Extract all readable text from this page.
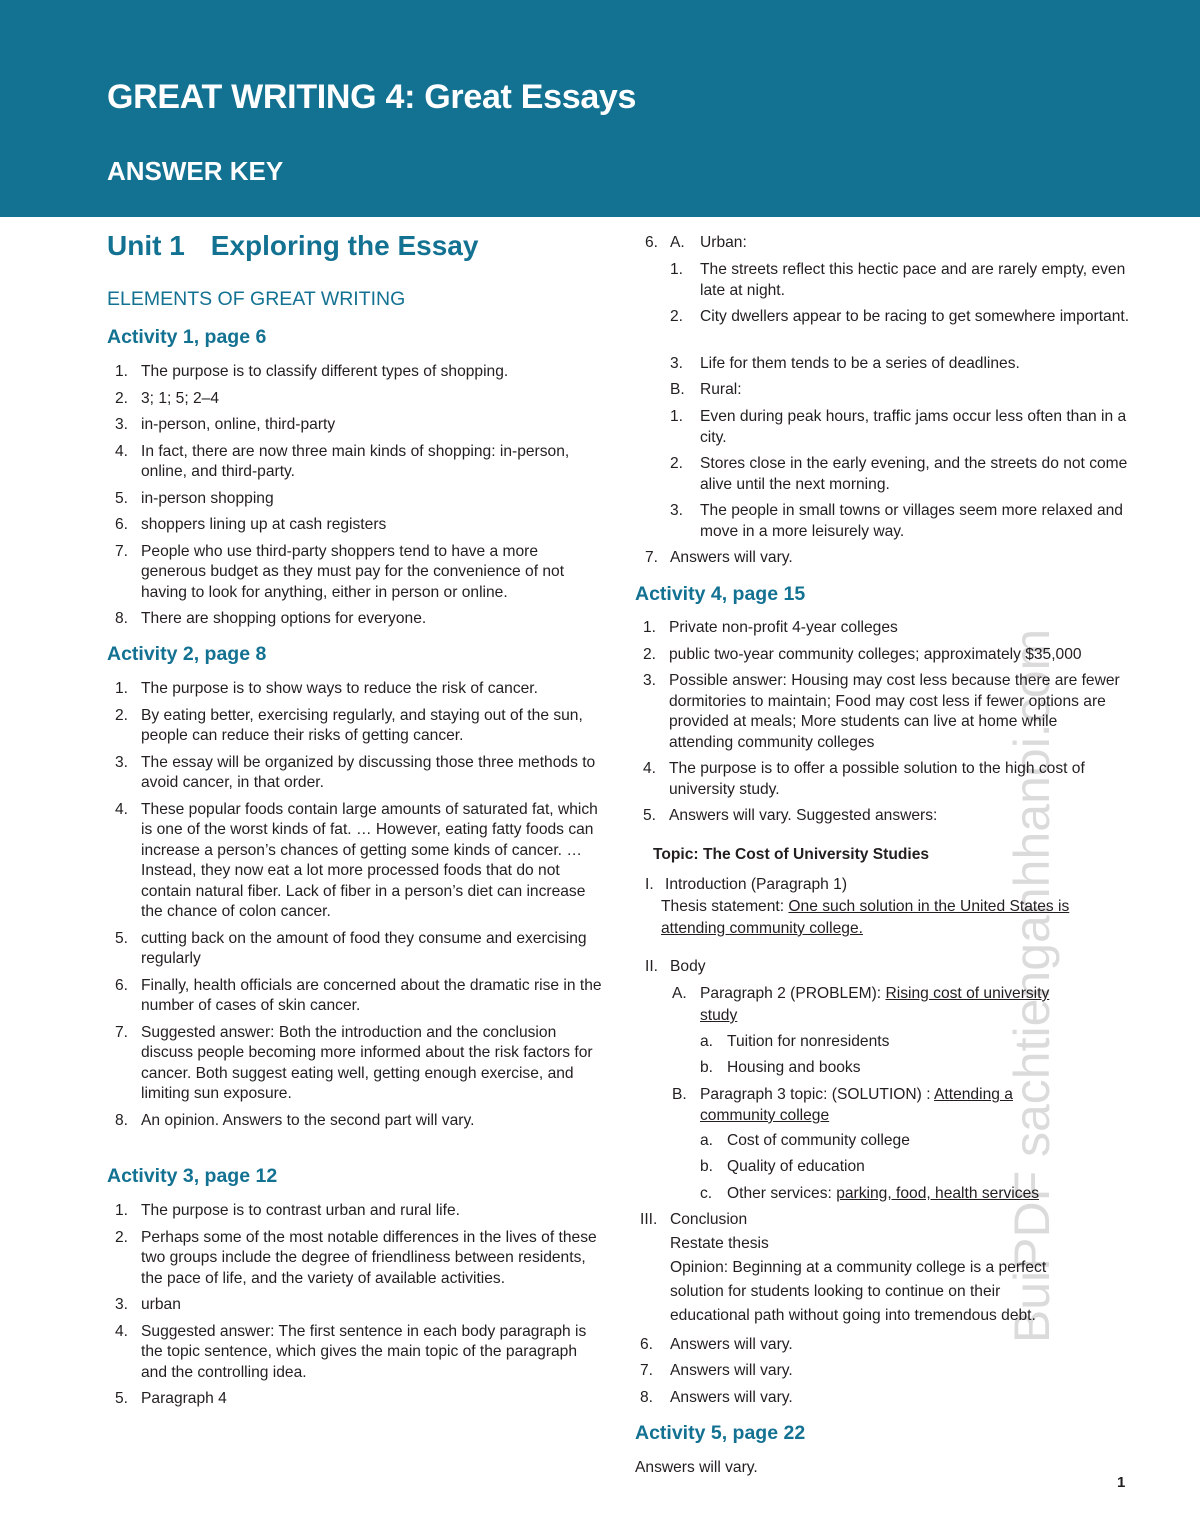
GREAT WRITING 4: Great Essays
ANSWER KEY
Unit 1 Exploring the Essay
ELEMENTS OF GREAT WRITING
Activity 1, page 6
1. The purpose is to classify different types of shopping.
2. 3; 1; 5; 2–4
3. in-person, online, third-party
4. In fact, there are now three main kinds of shopping: in-person, online, and third-party.
5. in-person shopping
6. shoppers lining up at cash registers
7. People who use third-party shoppers tend to have a more generous budget as they must pay for the convenience of not having to look for anything, either in person or online.
8. There are shopping options for everyone.
Activity 2, page 8
1. The purpose is to show ways to reduce the risk of cancer.
2. By eating better, exercising regularly, and staying out of the sun, people can reduce their risks of getting cancer.
3. The essay will be organized by discussing those three methods to avoid cancer, in that order.
4. These popular foods contain large amounts of saturated fat, which is one of the worst kinds of fat. … However, eating fatty foods can increase a person’s chances of getting some kinds of cancer. … Instead, they now eat a lot more processed foods that do not contain natural fiber. Lack of fiber in a person’s diet can increase the chance of colon cancer.
5. cutting back on the amount of food they consume and exercising regularly
6. Finally, health officials are concerned about the dramatic rise in the number of cases of skin cancer.
7. Suggested answer: Both the introduction and the conclusion discuss people becoming more informed about the risk factors for cancer. Both suggest eating well, getting enough exercise, and limiting sun exposure.
8. An opinion. Answers to the second part will vary.
Activity 3, page 12
1. The purpose is to contrast urban and rural life.
2. Perhaps some of the most notable differences in the lives of these two groups include the degree of friendliness between residents, the pace of life, and the variety of available activities.
3. urban
4. Suggested answer: The first sentence in each body paragraph is the topic sentence, which gives the main topic of the paragraph and the controlling idea.
5. Paragraph 4
6. A. Urban:
1. The streets reflect this hectic pace and are rarely empty, even late at night.
2. City dwellers appear to be racing to get somewhere important.
3. Life for them tends to be a series of deadlines.
B. Rural:
1. Even during peak hours, traffic jams occur less often than in a city.
2. Stores close in the early evening, and the streets do not come alive until the next morning.
3. The people in small towns or villages seem more relaxed and move in a more leisurely way.
7. Answers will vary.
Activity 4, page 15
1. Private non-profit 4-year colleges
2. public two-year community colleges; approximately $35,000
3. Possible answer: Housing may cost less because there are fewer dormitories to maintain; Food may cost less if fewer options are provided at meals; More students can live at home while attending community colleges
4. The purpose is to offer a possible solution to the high cost of university study.
5. Answers will vary. Suggested answers:
Topic: The Cost of University Studies
I. Introduction (Paragraph 1)
Thesis statement: One such solution in the United States is
attending community college.
II. Body
A. Paragraph 2 (PROBLEM): Rising cost of university
study
a. Tuition for nonresidents
b. Housing and books
B. Paragraph 3 topic: (SOLUTION) : Attending a
community college
a. Cost of community college
b. Quality of education
c. Other services: parking, food, health services
III. Conclusion
Restate thesis
Opinion: Beginning at a community college is a perfect
solution for students looking to continue on their
educational path without going into tremendous debt.
6. Answers will vary.
7. Answers will vary.
8. Answers will vary.
Activity 5, page 22
Answers will vary.
BuiPDF sachtienganhhanoi.com
1
